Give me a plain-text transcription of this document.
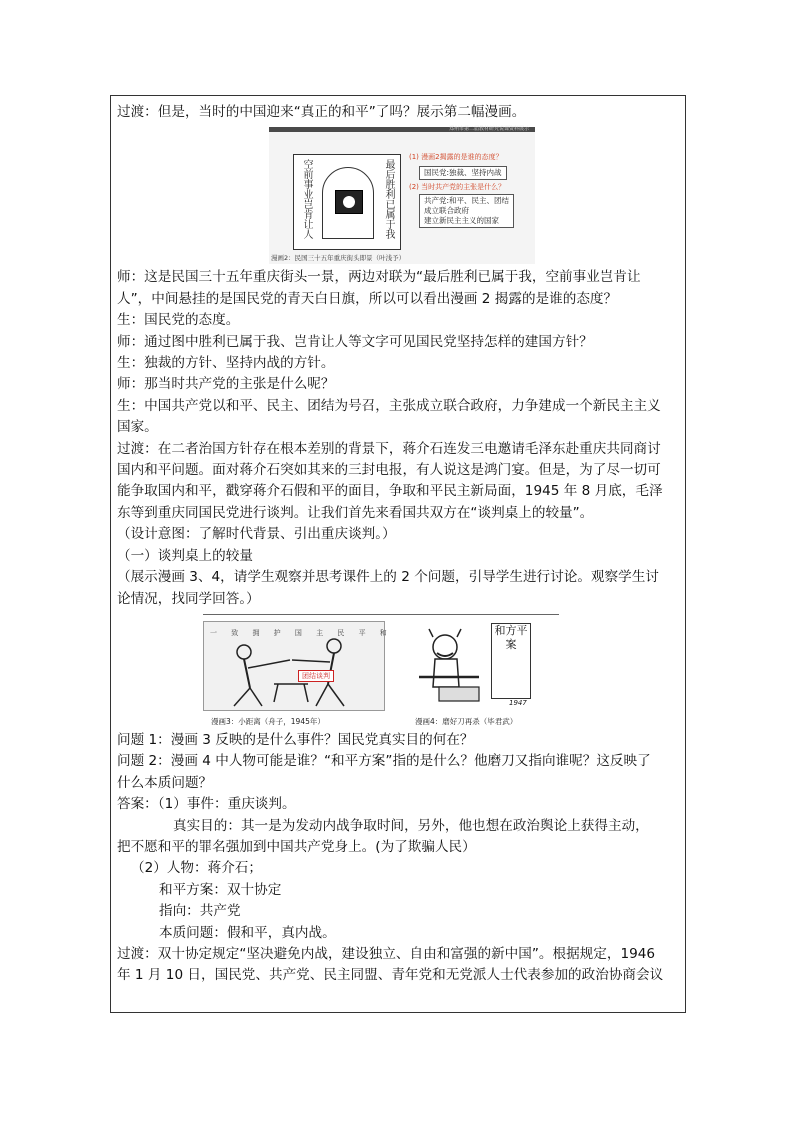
过渡：但是，当时的中国迎来“真正的和平”了吗？展示第二幅漫画。

郑州市第二届教材研究说课资料展示
空前事业岂肯让人	最后胜利已属于我
(1) 漫画2揭露的是谁的态度？
国民党:独裁、坚持内战
(2) 当时共产党的主张是什么？
共产党:和平、民主、团结
成立联合政府
建立新民主主义的国家
漫画2：民国三十五年重庆街头即景（叶浅予）

师：这是民国三十五年重庆街头一景，两边对联为“最后胜利已属于我，空前事业岂肯让

人”，中间悬挂的是国民党的青天白日旗，所以可以看出漫画 2 揭露的是谁的态度？

生：国民党的态度。

师：通过图中胜利已属于我、岂肯让人等文字可见国民党坚持怎样的建国方针？

生：独裁的方针、坚持内战的方针。

师：那当时共产党的主张是什么呢？

生：中国共产党以和平、民主、团结为号召，主张成立联合政府，力争建成一个新民主主义

国家。

过渡：在二者治国方针存在根本差别的背景下，蒋介石连发三电邀请毛泽东赴重庆共同商讨

国内和平问题。面对蒋介石突如其来的三封电报，有人说这是鸿门宴。但是，为了尽一切可

能争取国内和平，戳穿蒋介石假和平的面目，争取和平民主新局面，1945 年 8 月底，毛泽

东等到重庆同国民党进行谈判。让我们首先来看国共双方在“谈判桌上的较量”。

（设计意图：了解时代背景、引出重庆谈判。）

（一）谈判桌上的较量

（展示漫画 3、4，请学生观察并思考课件上的 2 个问题，引导学生进行讨论。观察学生讨

论情况，找同学回答。）

一 致 拥 护 国 主 民 平 和
团结谈判
漫画3：小距离（舟子，1945年）
和方平案
1947
漫画4：磨好刀再杀（毕君武）

问题 1：漫画 3 反映的是什么事件？国民党真实目的何在？

问题 2：漫画 4 中人物可能是谁？“和平方案”指的是什么？他磨刀又指向谁呢？这反映了

什么本质问题？

答案：（1）事件：重庆谈判。

真实目的：其一是为发动内战争取时间，另外，他也想在政治舆论上获得主动，

把不愿和平的罪名强加到中国共产党身上。(为了欺骗人民）

（2）人物：蒋介石；

和平方案：双十协定

指向：共产党

本质问题：假和平，真内战。

过渡：双十协定规定“坚决避免内战，建设独立、自由和富强的新中国”。根据规定，1946

年 1 月 10 日，国民党、共产党、民主同盟、青年党和无党派人士代表参加的政治协商会议
